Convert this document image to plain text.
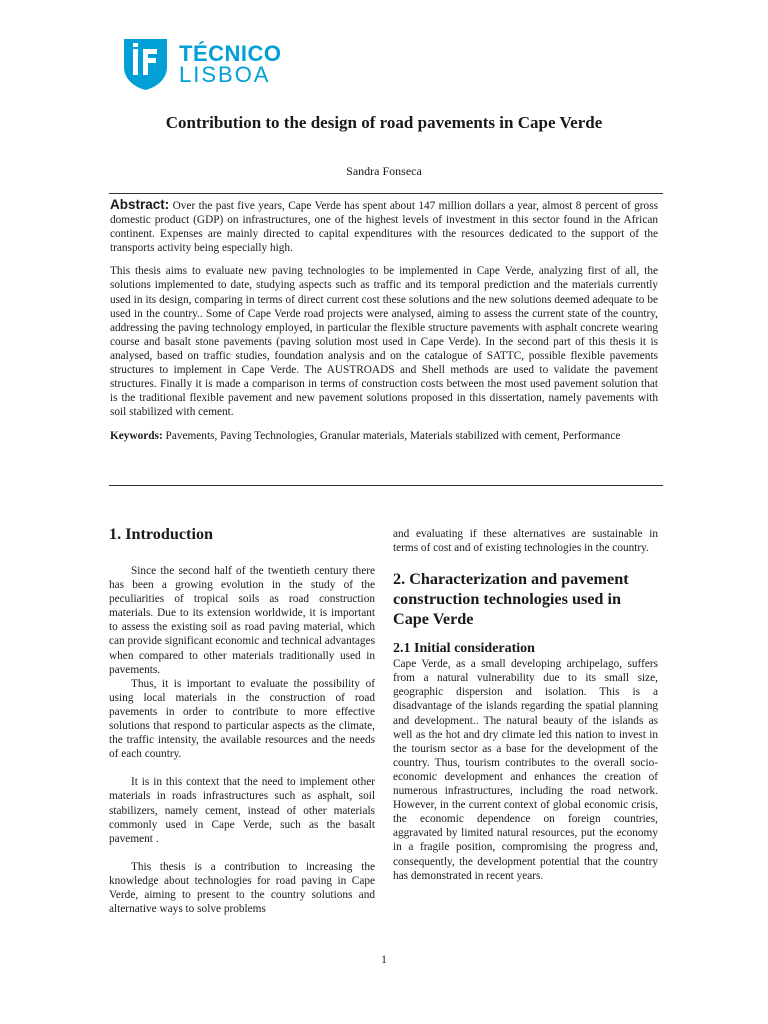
TÉCNICO
LISBOA
Contribution to the design of road pavements in Cape Verde
Sandra Fonseca

Abstract: Over the past five years, Cape Verde has spent about 147 million dollars a year, almost 8 percent of gross domestic product (GDP) on infrastructures, one of the highest levels of investment in this sector found in the African continent. Expenses are mainly directed to capital expenditures with the resources dedicated to the support of the transports activity being especially high.

This thesis aims to evaluate new paving technologies to be implemented in Cape Verde, analyzing first of all, the solutions implemented to date, studying aspects such as traffic and its temporal prediction and the materials currently used in its design, comparing in terms of direct current cost these solutions and the new solutions deemed adequate to be used in the country.. Some of Cape Verde road projects were analysed, aiming to assess the current state of the country, addressing the paving technology employed, in particular the flexible structure pavements with asphalt concrete wearing course and basalt stone pavements (paving solution most used in Cape Verde). In the second part of this thesis it is analysed, based on traffic studies, foundation analysis and on the catalogue of SATTC, possible flexible pavements structures to implement in Cape Verde. The AUSTROADS and Shell methods are used to validate the pavement structures. Finally it is made a comparison in terms of construction costs between the most used pavement solution that is the traditional flexible pavement and new pavement solutions proposed in this dissertation, namely pavements with soil stabilized with cement.

Keywords: Pavements, Paving Technologies, Granular materials, Materials stabilized with cement, Performance

1. Introduction

Since the second half of the twentieth century there has been a growing evolution in the study of the peculiarities of tropical soils as road construction materials. Due to its extension worldwide, it is important to assess the existing soil as road paving material, which can provide significant economic and technical advantages when compared to other materials traditionally used in pavements.

Thus, it is important to evaluate the possibility of using local materials in the construction of road pavements in order to contribute to more effective solutions that respond to particular aspects as the climate, the traffic intensity, the available resources and the needs of each country.

It is in this context that the need to implement other materials in roads infrastructures such as asphalt, soil stabilizers, namely cement, instead of other materials commonly used in Cape Verde, such as the basalt pavement .

This thesis is a contribution to increasing the knowledge about technologies for road paving in Cape Verde, aiming to present to the country solutions and alternative ways to solve problems

and evaluating if these alternatives are sustainable in terms of cost and of existing technologies in the country.

2. Characterization and pavement construction technologies used in Cape Verde
2.1 Initial consideration

Cape Verde, as a small developing archipelago, suffers from a natural vulnerability due to its small size, geographic dispersion and isolation. This is a disadvantage of the islands regarding the spatial planning and development.. The natural beauty of the islands as well as the hot and dry climate led this nation to invest in the tourism sector as a base for the development of the country. Thus, tourism contributes to the overall socio-economic development and enhances the creation of numerous infrastructures, including the road network. However, in the current context of global economic crisis, the economic dependence on foreign countries, aggravated by limited natural resources, put the economy in a fragile position, compromising the progress and, consequently, the development potential that the country has demonstrated in recent years.

1
